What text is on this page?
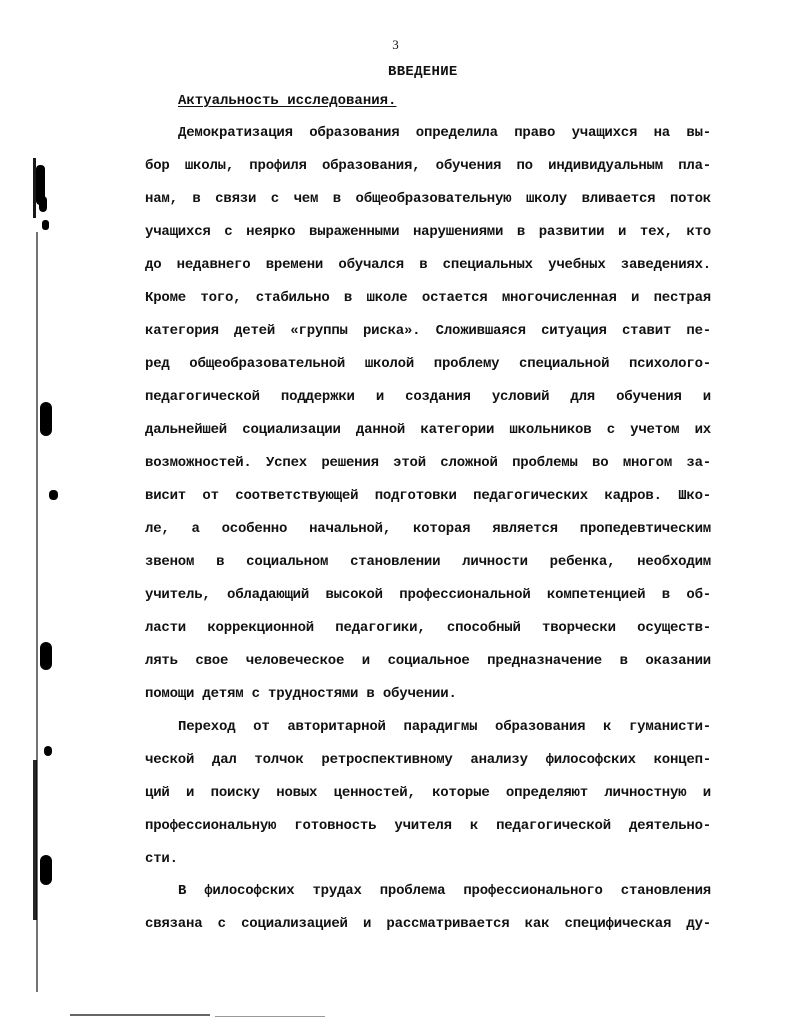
3
ВВЕДЕНИЕ
Актуальность исследования.
Демократизация образования определила право учащихся на вы-
бор школы, профиля образования, обучения по индивидуальным пла-
нам, в связи с чем в общеобразовательную школу вливается поток
учащихся с неярко выраженными нарушениями в развитии и тех, кто
до недавнего времени обучался в специальных учебных заведениях.
Кроме того, стабильно в школе остается многочисленная и пестрая
категория детей «группы риска». Сложившаяся ситуация ставит пе-
ред общеобразовательной школой проблему специальной психолого-
педагогической поддержки и создания условий для обучения и
дальнейшей социализации данной категории школьников с учетом их
возможностей. Успех решения этой сложной проблемы во многом за-
висит от соответствующей подготовки педагогических кадров. Шко-
ле, а особенно начальной, которая является пропедевтическим
звеном в социальном становлении личности ребенка, необходим
учитель, обладающий высокой профессиональной компетенцией в об-
ласти коррекционной педагогики, способный творчески осуществ-
лять свое человеческое и социальное предназначение в оказании
помощи детям с трудностями в обучении.
Переход от авторитарной парадигмы образования к гуманисти-
ческой дал толчок ретроспективному анализу философских концеп-
ций и поиску новых ценностей, которые определяют личностную и
профессиональную готовность учителя к педагогической деятельно-
сти.
В философских трудах проблема профессионального становления
связана с социализацией и рассматривается как специфическая ду-
